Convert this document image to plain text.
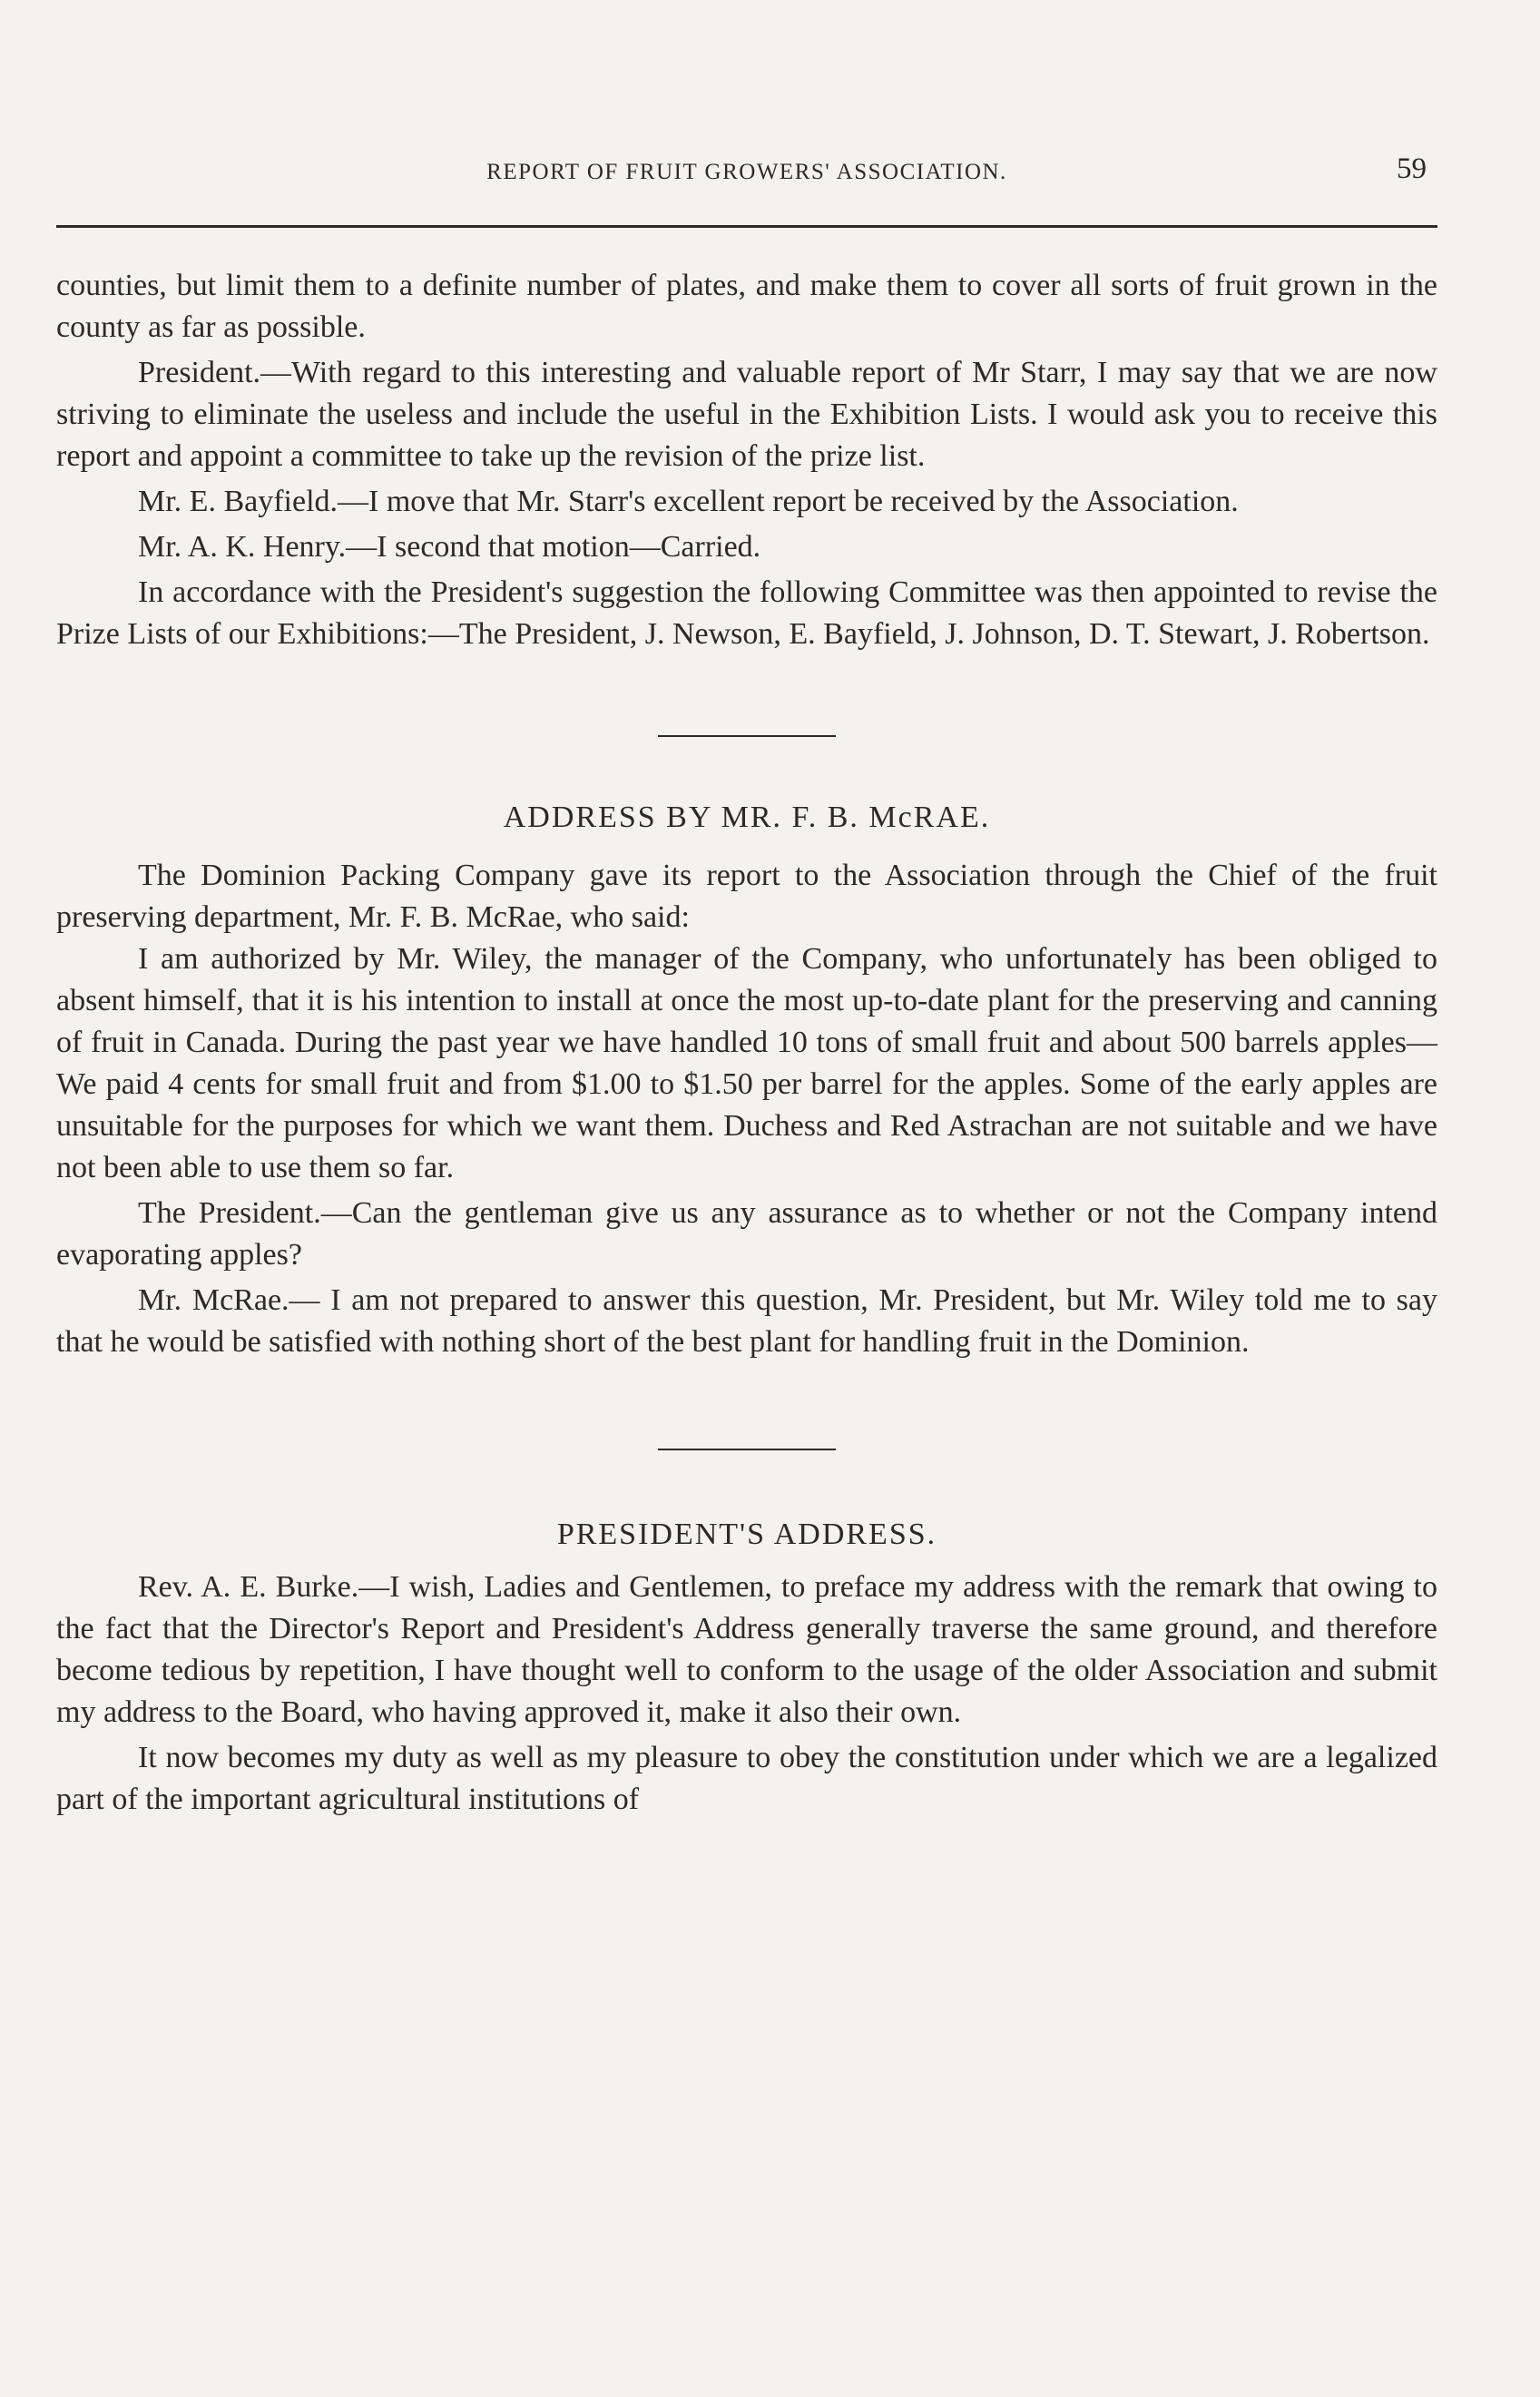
REPORT OF FRUIT GROWERS' ASSOCIATION.	59

counties, but limit them to a definite number of plates, and make them to cover all sorts of fruit grown in the county as far as possible.

President.—With regard to this interesting and valuable report of Mr Starr, I may say that we are now striving to eliminate the useless and include the useful in the Exhibition Lists. I would ask you to receive this report and appoint a committee to take up the revision of the prize list.

Mr. E. Bayfield.—I move that Mr. Starr's excellent report be received by the Association.

Mr. A. K. Henry.—I second that motion—Carried.

In accordance with the President's suggestion the following Committee was then appointed to revise the Prize Lists of our Exhibitions:—The President, J. Newson, E. Bayfield, J. Johnson, D. T. Stewart, J. Robertson.

ADDRESS BY MR. F. B. McRAE.

The Dominion Packing Company gave its report to the Association through the Chief of the fruit preserving department, Mr. F. B. McRae, who said:

I am authorized by Mr. Wiley, the manager of the Company, who unfortunately has been obliged to absent himself, that it is his intention to install at once the most up-to-date plant for the preserving and canning of fruit in Canada. During the past year we have handled 10 tons of small fruit and about 500 barrels apples—We paid 4 cents for small fruit and from $1.00 to $1.50 per barrel for the apples. Some of the early apples are unsuitable for the purposes for which we want them. Duchess and Red Astrachan are not suitable and we have not been able to use them so far.

The President.—Can the gentleman give us any assurance as to whether or not the Company intend evaporating apples?

Mr. McRae.— I am not prepared to answer this question, Mr. President, but Mr. Wiley told me to say that he would be satisfied with nothing short of the best plant for handling fruit in the Dominion.

PRESIDENT'S ADDRESS.

Rev. A. E. Burke.—I wish, Ladies and Gentlemen, to preface my address with the remark that owing to the fact that the Director's Report and President's Address generally traverse the same ground, and therefore become tedious by repetition, I have thought well to conform to the usage of the older Association and submit my address to the Board, who having approved it, make it also their own.

It now becomes my duty as well as my pleasure to obey the constitution under which we are a legalized part of the important agricultural institutions of
